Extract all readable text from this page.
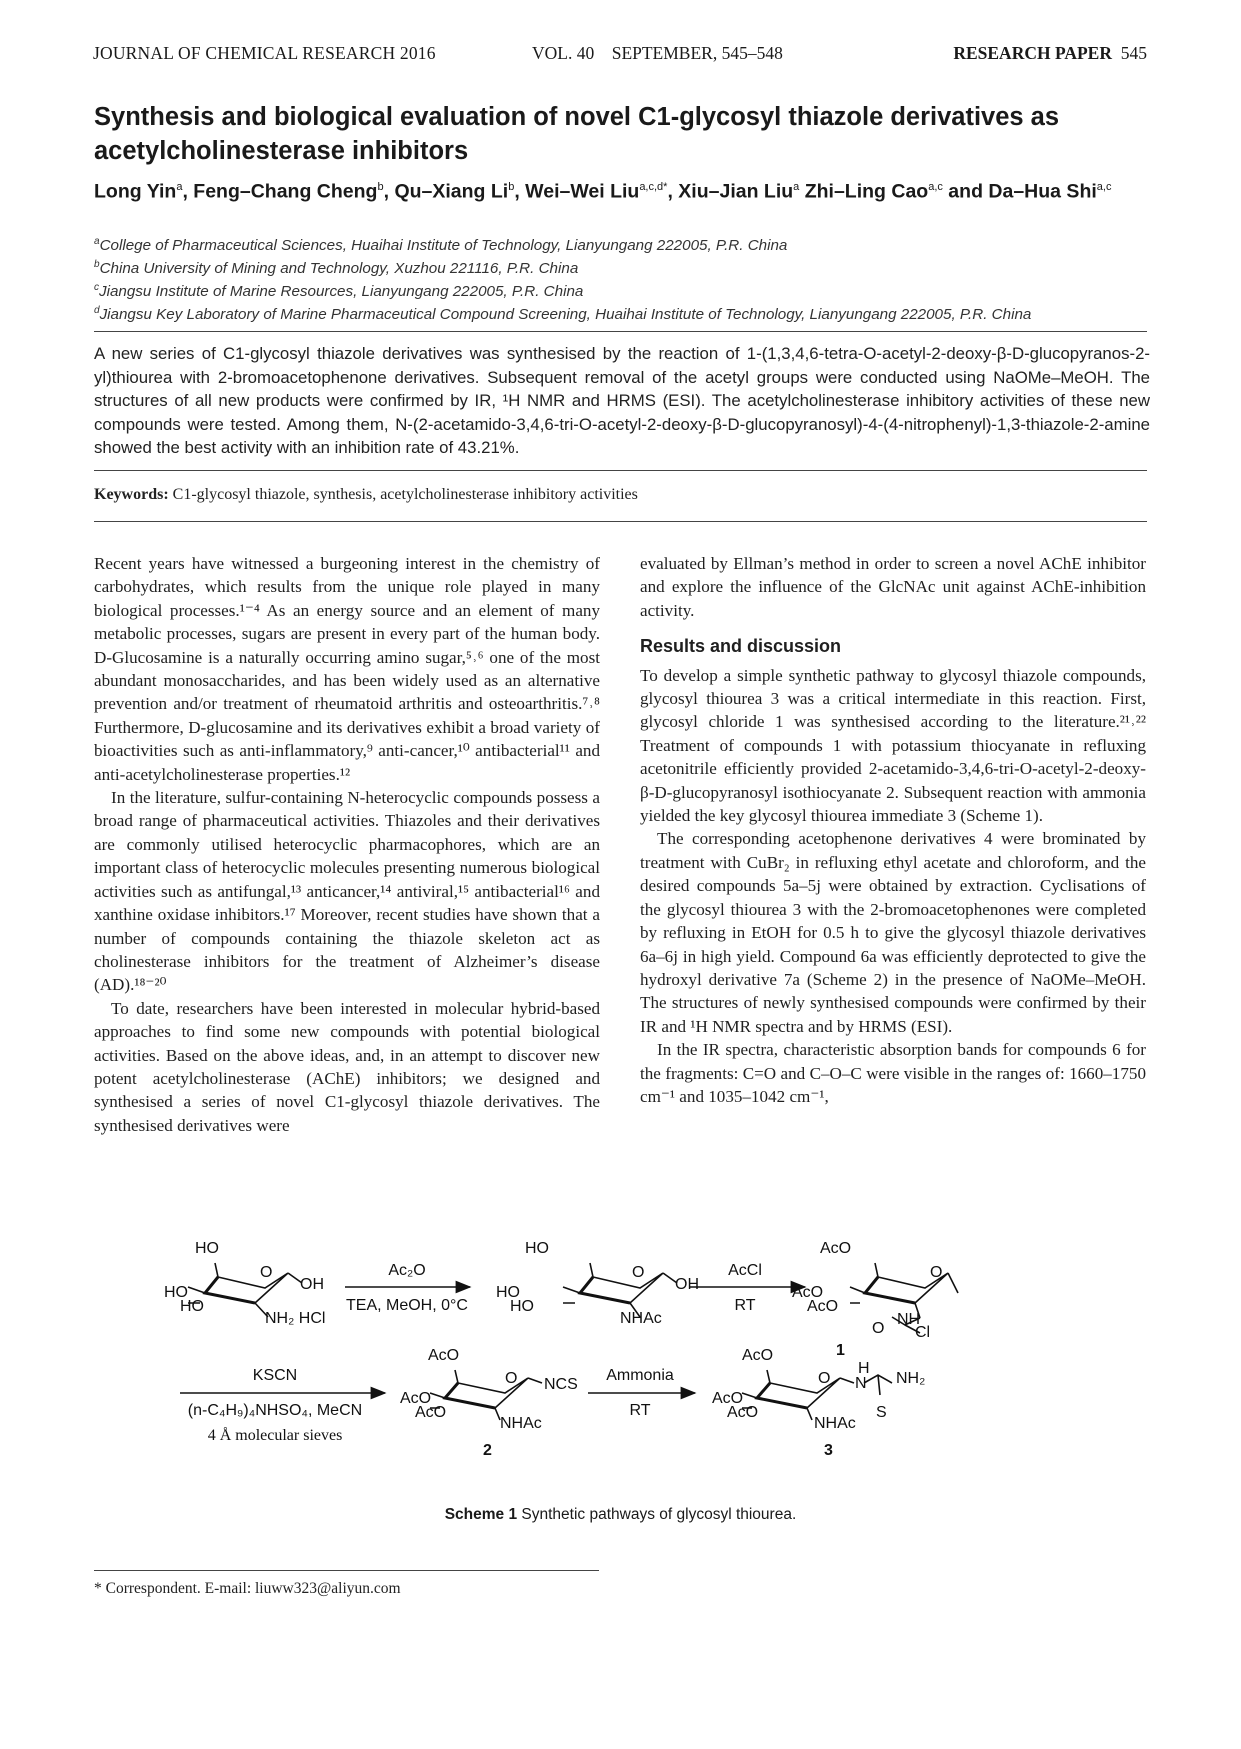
JOURNAL OF CHEMICAL RESEARCH 2016	VOL. 40    SEPTEMBER, 545–548	RESEARCH PAPER 545
Synthesis and biological evaluation of novel C1-glycosyl thiazole derivatives as acetylcholinesterase inhibitors
Long Yin$^a$, Feng–Chang Cheng$^b$, Qu–Xiang Li$^b$, Wei–Wei Liu$^{a,c,d*}$, Xiu–Jian Liu$^a$ Zhi–Ling Cao$^{a,c}$ and Da–Hua Shi$^{a,c}$
$^a$College of Pharmaceutical Sciences, Huaihai Institute of Technology, Lianyungang 222005, P.R. China
$^b$China University of Mining and Technology, Xuzhou 221116, P.R. China
$^c$Jiangsu Institute of Marine Resources, Lianyungang 222005, P.R. China
$^d$Jiangsu Key Laboratory of Marine Pharmaceutical Compound Screening, Huaihai Institute of Technology, Lianyungang 222005, P.R. China
A new series of C1-glycosyl thiazole derivatives was synthesised by the reaction of 1-(1,3,4,6-tetra-O-acetyl-2-deoxy-β-D-glucopyranos-2-yl)thiourea with 2-bromoacetophenone derivatives. Subsequent removal of the acetyl groups were conducted using NaOMe–MeOH. The structures of all new products were confirmed by IR, ¹H NMR and HRMS (ESI). The acetylcholinesterase inhibitory activities of these new compounds were tested. Among them, N-(2-acetamido-3,4,6-tri-O-acetyl-2-deoxy-β-D-glucopyranosyl)-4-(4-nitrophenyl)-1,3-thiazole-2-amine showed the best activity with an inhibition rate of 43.21%.
Keywords: C1-glycosyl thiazole, synthesis, acetylcholinesterase inhibitory activities

Recent years have witnessed a burgeoning interest in the chemistry of carbohydrates, which results from the unique role played in many biological processes.¹⁻⁴ As an energy source and an element of many metabolic processes, sugars are present in every part of the human body. D-Glucosamine is a naturally occurring amino sugar,⁵˒⁶ one of the most abundant monosaccharides, and has been widely used as an alternative prevention and/or treatment of rheumatoid arthritis and osteoarthritis.⁷˒⁸ Furthermore, D-glucosamine and its derivatives exhibit a broad variety of bioactivities such as anti-inflammatory,⁹ anti-cancer,¹⁰ antibacterial¹¹ and anti-acetylcholinesterase properties.¹²

In the literature, sulfur-containing N-heterocyclic compounds possess a broad range of pharmaceutical activities. Thiazoles and their derivatives are commonly utilised heterocyclic pharmacophores, which are an important class of heterocyclic molecules presenting numerous biological activities such as antifungal,¹³ anticancer,¹⁴ antiviral,¹⁵ antibacterial¹⁶ and xanthine oxidase inhibitors.¹⁷ Moreover, recent studies have shown that a number of compounds containing the thiazole skeleton act as cholinesterase inhibitors for the treatment of Alzheimer’s disease (AD).¹⁸⁻²⁰

To date, researchers have been interested in molecular hybrid-based approaches to find some new compounds with potential biological activities. Based on the above ideas, and, in an attempt to discover new potent acetylcholinesterase (AChE) inhibitors; we designed and synthesised a series of novel C1-glycosyl thiazole derivatives. The synthesised derivatives were

evaluated by Ellman’s method in order to screen a novel AChE inhibitor and explore the influence of the GlcNAc unit against AChE-inhibition activity.

Results and discussion

To develop a simple synthetic pathway to glycosyl thiazole compounds, glycosyl thiourea 3 was a critical intermediate in this reaction. First, glycosyl chloride 1 was synthesised according to the literature.²¹˒²² Treatment of compounds 1 with potassium thiocyanate in refluxing acetonitrile efficiently provided 2-acetamido-3,4,6-tri-O-acetyl-2-deoxy-β-D-glucopyranosyl isothiocyanate 2. Subsequent reaction with ammonia yielded the key glycosyl thiourea immediate 3 (Scheme 1).

The corresponding acetophenone derivatives 4 were brominated by treatment with CuBr₂ in refluxing ethyl acetate and chloroform, and the desired compounds 5a–5j were obtained by extraction. Cyclisations of the glycosyl thiourea 3 with the 2-bromoacetophenones were completed by refluxing in EtOH for 0.5 h to give the glycosyl thiazole derivatives 6a–6j in high yield. Compound 6a was efficiently deprotected to give the hydroxyl derivative 7a (Scheme 2) in the presence of NaOMe–MeOH. The structures of newly synthesised compounds were confirmed by their IR and ¹H NMR spectra and by HRMS (ESI).

In the IR spectra, characteristic absorption bands for compounds 6 for the fragments: C=O and C–O–C were visible in the ranges of: 1660–1750 cm⁻¹ and 1035–1042 cm⁻¹,

HO
O
HO
HO
OH
NH₂ HCl
Ac₂O
TEA, MeOH, 0°C
HO
O
HO
HO
OH
NHAc
AcCl
RT
AcO
O
AcO
AcO
NH
Cl
O
1
KSCN
(n-C₄H₉)₄NHSO₄, MeCN
4 Å molecular sieves
AcO
O
AcO
AcO
NCS
NHAc
2
Ammonia
RT
AcO
O
AcO
AcO
H
N NH₂
S
NHAc
3
Scheme 1 Synthetic pathways of glycosyl thiourea.
* Correspondent. E-mail: liuww323@aliyun.com
